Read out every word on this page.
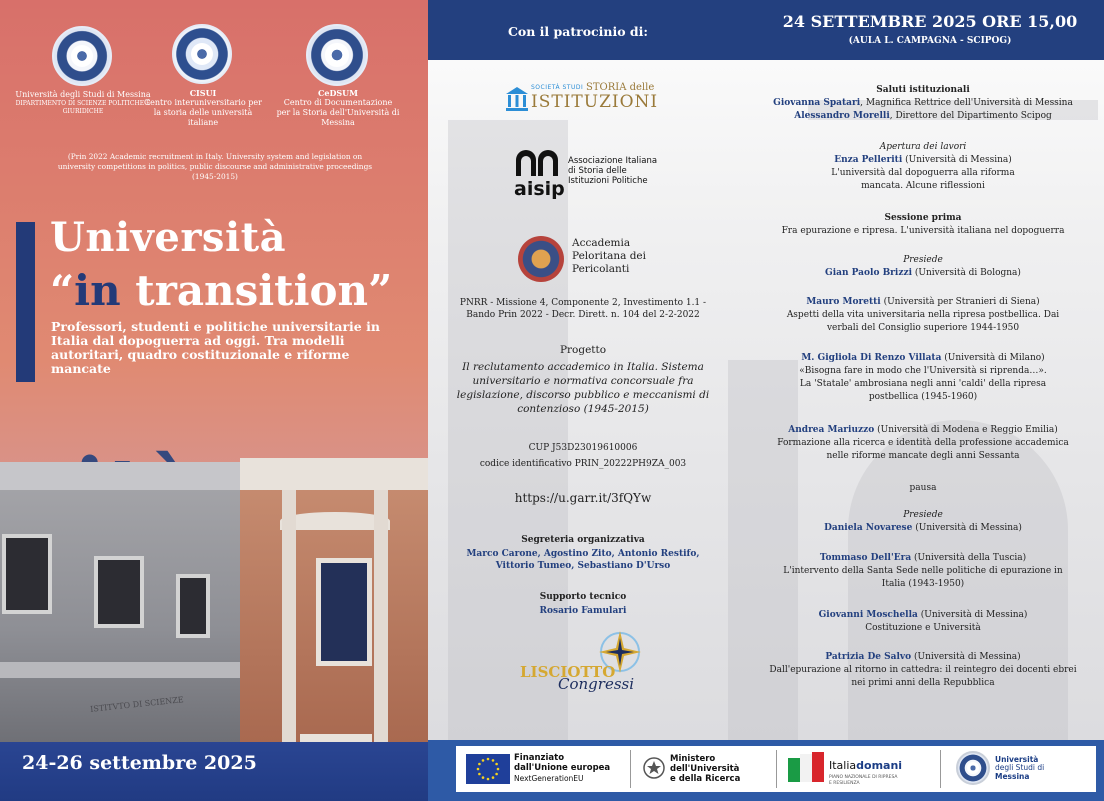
Università degli Studi di Messina
DIPARTIMENTO DI SCIENZE POLITICHE E GIURIDICHE
CISUI
Centro interuniversitario per la storia delle università italiane
CeDSUM
Centro di Documentazione per la Storia dell'Università di Messina
(Prin 2022 Academic recruitment in Italy. University system and legislation on university competitions in politics, public discourse and administrative proceedings (1945-2015)
ISTITVTO DI SCIENZE
Università
“in transition”
Professori, studenti e politiche universitarie in Italia dal dopoguerra ad oggi. Tra modelli autoritari, quadro costituzionale e riforme mancate
24-26 settembre 2025
Con il patrocinio di:
24 SETTEMBRE 2025 ORE 15,00
(AULA L. CAMPAGNA - SCIPOG)
SOCIETÀ STUDI STORIA delle
ISTITUZIONI
aisip
Associazione Italiana di Storia delle Istituzioni Politiche
Accademia Peloritana dei Pericolanti
PNRR - Missione 4, Componente 2, Investimento 1.1 - Bando Prin 2022 - Decr. Dirett. n. 104 del 2-2-2022
Progetto
Il reclutamento accademico in Italia. Sistema universitario e normativa concorsuale fra legislazione, discorso pubblico e meccanismi di contenzioso (1945-2015)
CUP J53D23019610006
codice identificativo PRIN_20222PH9ZA_003
https://u.garr.it/3fQYw
Segreteria organizzativa
Marco Carone, Agostino Zito, Antonio Restifo, Vittorio Tumeo, Sebastiano D'Urso
Supporto tecnico
Rosario Famulari
LISCIOTTO
Congressi
Saluti istituzionali
Giovanna Spatari, Magnifica Rettrice dell'Università di Messina
Alessandro Morelli, Direttore del Dipartimento Scipog
Apertura dei lavori
Enza Pelleriti (Università di Messina)
L'università dal dopoguerra alla riforma mancata. Alcune riflessioni
Sessione prima
Fra epurazione e ripresa. L'università italiana nel dopoguerra
Presiede
Gian Paolo Brizzi (Università di Bologna)
Mauro Moretti (Università per Stranieri di Siena)
Aspetti della vita universitaria nella ripresa postbellica. Dai verbali del Consiglio superiore 1944-1950
M. Gigliola Di Renzo Villata (Università di Milano)
«Bisogna fare in modo che l'Università si riprenda…». La 'Statale' ambrosiana negli anni 'caldi' della ripresa postbellica (1945-1960)
Andrea Mariuzzo (Università di Modena e Reggio Emilia)
Formazione alla ricerca e identità della professione accademica nelle riforme mancate degli anni Sessanta
pausa
Presiede
Daniela Novarese (Università di Messina)
Tommaso Dell'Era (Università della Tuscia)
L'intervento della Santa Sede nelle politiche di epurazione in Italia (1943-1950)
Giovanni Moschella (Università di Messina)
Costituzione e Università
Patrizia De Salvo (Università di Messina)
Dall'epurazione al ritorno in cattedra: il reintegro dei docenti ebrei nei primi anni della Repubblica
Finanziato
dall'Unione europea
NextGenerationEU
Ministero
dell'Università
e della Ricerca
Italiadomani
PIANO NAZIONALE DI RIPRESA E RESILIENZA
Università
degli Studi di
Messina
